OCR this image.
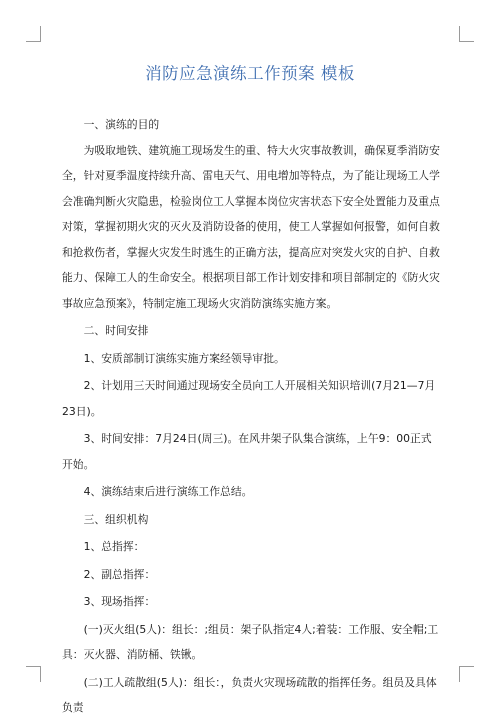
消防应急演练工作预案 模板

一、演练的目的

为吸取地铁、建筑施工现场发生的重、特大火灾事故教训，确保夏季消防安全，针对夏季温度持续升高、雷电天气、用电增加等特点，为了能让现场工人学会准确判断火灾隐患，检验岗位工人掌握本岗位灾害状态下安全处置能力及重点对策，掌握初期火灾的灭火及消防设备的使用，使工人掌握如何报警，如何自救和抢救伤者，掌握火灾发生时逃生的正确方法，提高应对突发火灾的自护、自救能力、保障工人的生命安全。根据项目部工作计划安排和项目部制定的《防火灾事故应急预案》，特制定施工现场火灾消防演练实施方案。

二、时间安排

1、安质部制订演练实施方案经领导审批。

2、计划用三天时间通过现场安全员向工人开展相关知识培训(7月21—7月23日)。

3、时间安排：7月24日(周三)。在风井架子队集合演练，上午9：00正式开始。

4、演练结束后进行演练工作总结。

三、组织机构

1、总指挥：

2、副总指挥：

3、现场指挥：

(一)灭火组(5人)：组长：;组员：架子队指定4人;着装：工作服、安全帽;工具：灭火器、消防桶、铁锹。

(二)工人疏散组(5人)：组长：，负责火灾现场疏散的指挥任务。组员及具体负责
